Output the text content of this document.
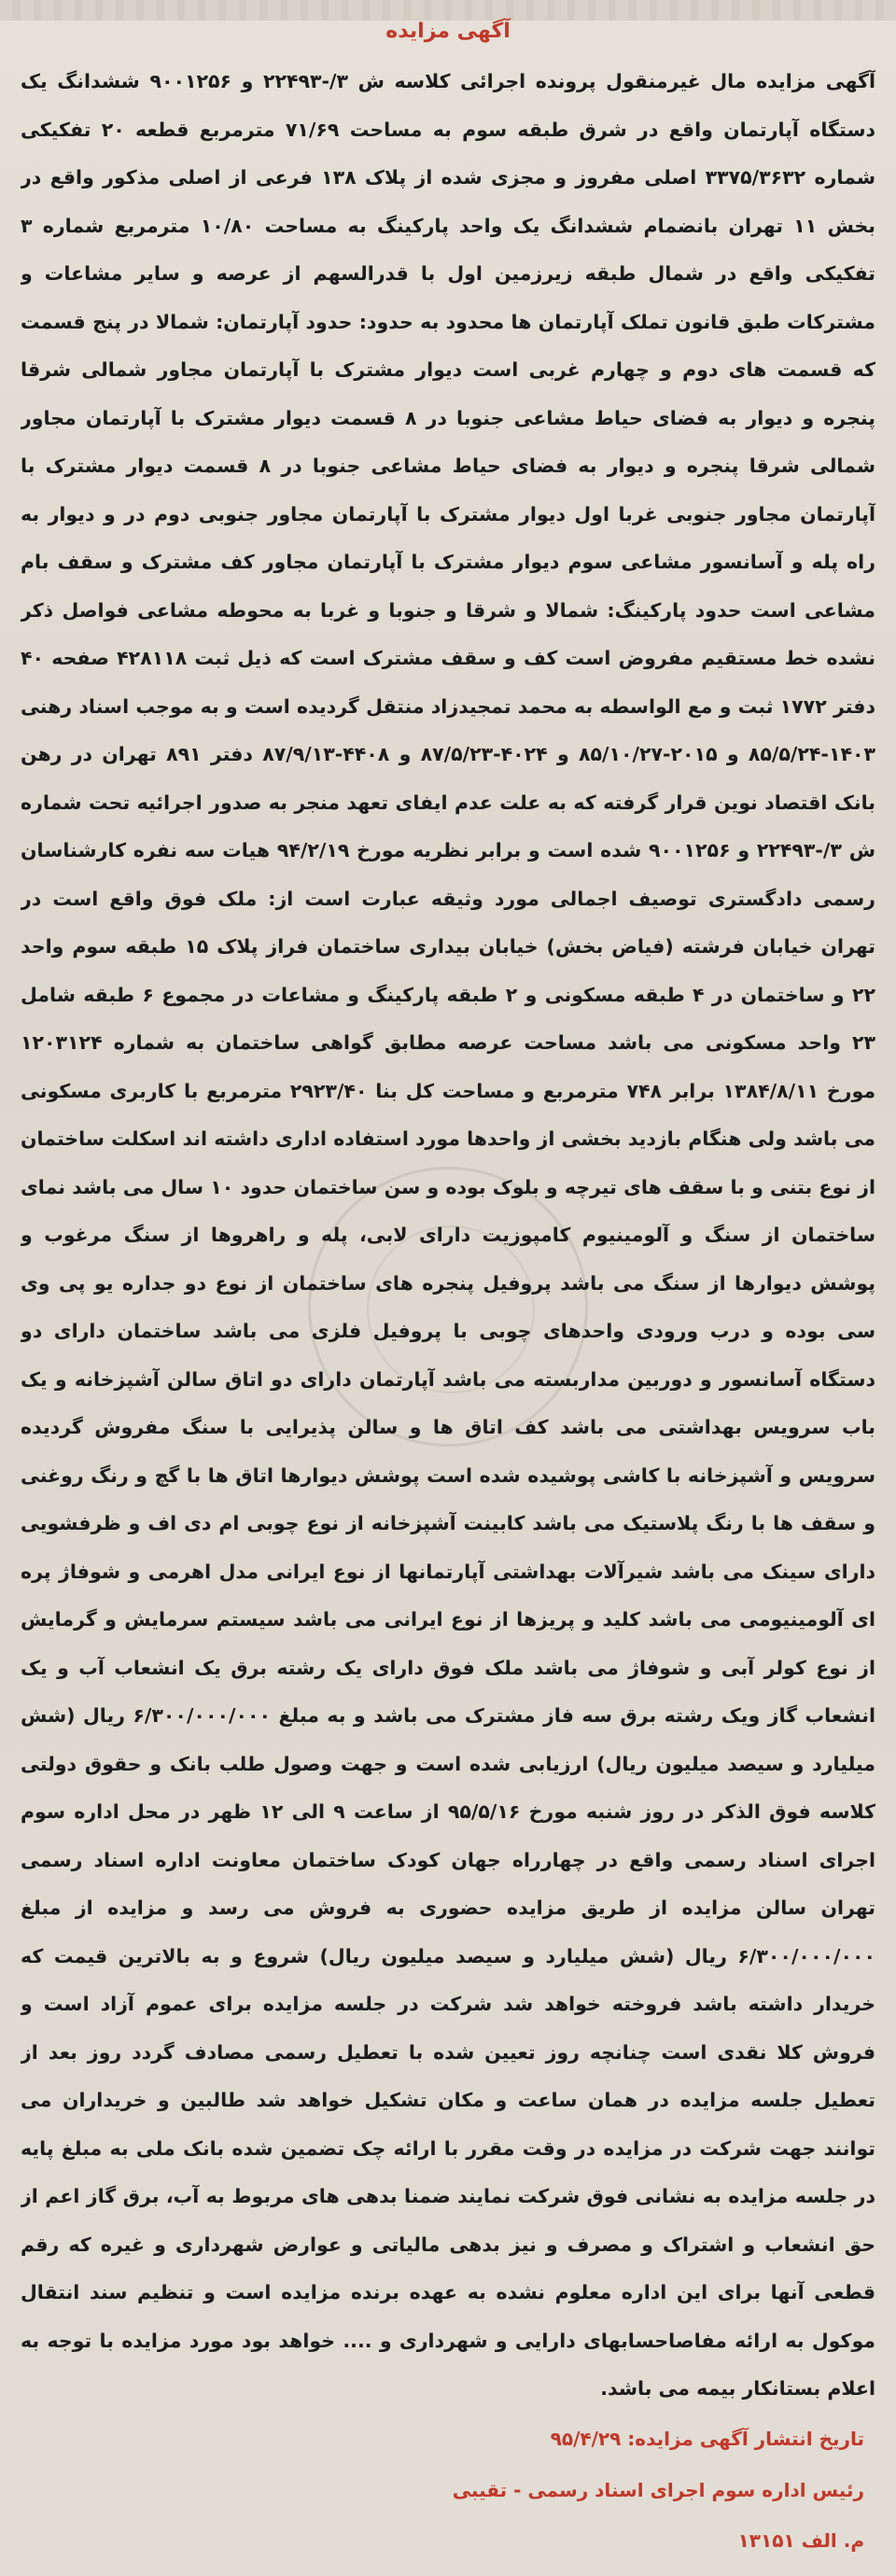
آگهی مزایده
آگهی مزایده مال غیرمنقول پرونده اجرائی کلاسه ش ۳/-۲۲۴۹۳ و ۹۰۰۱۲۵۶ ششدانگ یک دستگاه آپارتمان واقع در شرق طبقه سوم به مساحت ۷۱/۶۹ مترمربع قطعه ۲۰ تفکیکی شماره ۳۳۷۵/۳۶۳۲ اصلی مفروز و مجزی شده از پلاک ۱۳۸ فرعی از اصلی مذکور واقع در بخش ۱۱ تهران بانضمام ششدانگ یک واحد پارکینگ به مساحت ۱۰/۸۰ مترمربع شماره ۳ تفکیکی واقع در شمال طبقه زیرزمین اول با قدرالسهم از عرصه و سایر مشاعات و مشترکات طبق قانون تملک آپارتمان ها محدود به حدود: حدود آپارتمان: شمالا در پنج قسمت که قسمت های دوم و چهارم غربی است دیوار مشترک با آپارتمان مجاور شمالی شرقا پنجره و دیوار به فضای حیاط مشاعی جنوبا در ۸ قسمت دیوار مشترک با آپارتمان مجاور شمالی شرقا پنجره و دیوار به فضای حیاط مشاعی جنوبا در ۸ قسمت دیوار مشترک با آپارتمان مجاور جنوبی غربا اول دیوار مشترک با آپارتمان مجاور جنوبی دوم در و دیوار به راه پله و آسانسور مشاعی سوم دیوار مشترک با آپارتمان مجاور کف مشترک و سقف بام مشاعی است حدود پارکینگ: شمالا و شرقا و جنوبا و غربا به محوطه مشاعی فواصل ذکر نشده خط مستقیم مفروض است کف و سقف مشترک است که ذیل ثبت ۴۲۸۱۱۸ صفحه ۴۰ دفتر ۱۷۷۲ ثبت و مع الواسطه به محمد تمجیدزاد منتقل گردیده است و به موجب اسناد رهنی ۱۴۰۳-۸۵/۵/۲۴ و ۲۰۱۵-۸۵/۱۰/۲۷ و ۴۰۲۴-۸۷/۵/۲۳ و ۴۴۰۸-۸۷/۹/۱۳ دفتر ۸۹۱ تهران در رهن بانک اقتصاد نوین قرار گرفته که به علت عدم ایفای تعهد منجر به صدور اجرائیه تحت شماره ش ۳/-۲۲۴۹۳ و ۹۰۰۱۲۵۶ شده است و برابر نظریه مورخ ۹۴/۲/۱۹ هیات سه نفره کارشناسان رسمی دادگستری توصیف اجمالی مورد وثیقه عبارت است از: ملک فوق واقع است در تهران خیابان فرشته (فیاض بخش) خیابان بیداری ساختمان فراز پلاک ۱۵ طبقه سوم واحد ۲۲ و ساختمان در ۴ طبقه مسکونی و ۲ طبقه پارکینگ و مشاعات در مجموع ۶ طبقه شامل ۲۳ واحد مسکونی می باشد مساحت عرصه مطابق گواهی ساختمان به شماره ۱۲۰۳۱۲۴ مورخ ۱۳۸۴/۸/۱۱ برابر ۷۴۸ مترمربع و مساحت کل بنا ۲۹۲۳/۴۰ مترمربع با کاربری مسکونی می باشد ولی هنگام بازدید بخشی از واحدها مورد استفاده اداری داشته اند اسکلت ساختمان از نوع بتنی و با سقف های تیرچه و بلوک بوده و سن ساختمان حدود ۱۰ سال می باشد نمای ساختمان از سنگ و آلومینیوم کامپوزیت دارای لابی، پله و راهروها از سنگ مرغوب و پوشش دیوارها از سنگ می باشد پروفیل پنجره های ساختمان از نوع دو جداره یو پی وی سی بوده و درب ورودی واحدهای چوبی با پروفیل فلزی می باشد ساختمان دارای دو دستگاه آسانسور و دوربین مداربسته می باشد آپارتمان دارای دو اتاق سالن آشپزخانه و یک باب سرویس بهداشتی می باشد کف اتاق ها و سالن پذیرایی با سنگ مفروش گردیده سرویس و آشپزخانه با کاشی پوشیده شده است پوشش دیوارها اتاق ها با گچ و رنگ روغنی و سقف ها با رنگ پلاستیک می باشد کابینت آشپزخانه از نوع چوبی ام دی اف و ظرفشویی دارای سینک می باشد شیرآلات بهداشتی آپارتمانها از نوع ایرانی مدل اهرمی و شوفاژ پره ای آلومینیومی می باشد کلید و پریزها از نوع ایرانی می باشد سیستم سرمایش و گرمایش از نوع کولر آبی و شوفاژ می باشد ملک فوق دارای یک رشته برق یک انشعاب آب و یک انشعاب گاز ویک رشته برق سه فاز مشترک می باشد و به مبلغ ۶/۳۰۰/۰۰۰/۰۰۰ ریال (شش میلیارد و سیصد میلیون ریال) ارزیابی شده است و جهت وصول طلب بانک و حقوق دولتی کلاسه فوق الذکر در روز شنبه مورخ ۹۵/۵/۱۶ از ساعت ۹ الی ۱۲ ظهر در محل اداره سوم اجرای اسناد رسمی واقع در چهارراه جهان کودک ساختمان معاونت اداره اسناد رسمی تهران سالن مزایده از طریق مزایده حضوری به فروش می رسد و مزایده از مبلغ ۶/۳۰۰/۰۰۰/۰۰۰ ریال (شش میلیارد و سیصد میلیون ریال) شروع و به بالاترین قیمت که خریدار داشته باشد فروخته خواهد شد شرکت در جلسه مزایده برای عموم آزاد است و فروش کلا نقدی است چنانچه روز تعیین شده با تعطیل رسمی مصادف گردد روز بعد از تعطیل جلسه مزایده در همان ساعت و مکان تشکیل خواهد شد طالبین و خریداران می توانند جهت شرکت در مزایده در وقت مقرر با ارائه چک تضمین شده بانک ملی به مبلغ پایه در جلسه مزایده به نشانی فوق شرکت نمایند ضمنا بدهی های مربوط به آب، برق گاز اعم از حق انشعاب و اشتراک و مصرف و نیز بدهی مالیاتی و عوارض شهرداری و غیره که رقم قطعی آنها برای این اداره معلوم نشده به عهده برنده مزایده است و تنظیم سند انتقال موکول به ارائه مفاصاحسابهای دارایی و شهرداری و .... خواهد بود مورد مزایده با توجه به اعلام بستانکار بیمه می باشد.
تاریخ انتشار آگهی مزایده: ۹۵/۴/۲۹
رئیس اداره سوم اجرای اسناد رسمی - تقیبی
م. الف ۱۳۱۵۱
